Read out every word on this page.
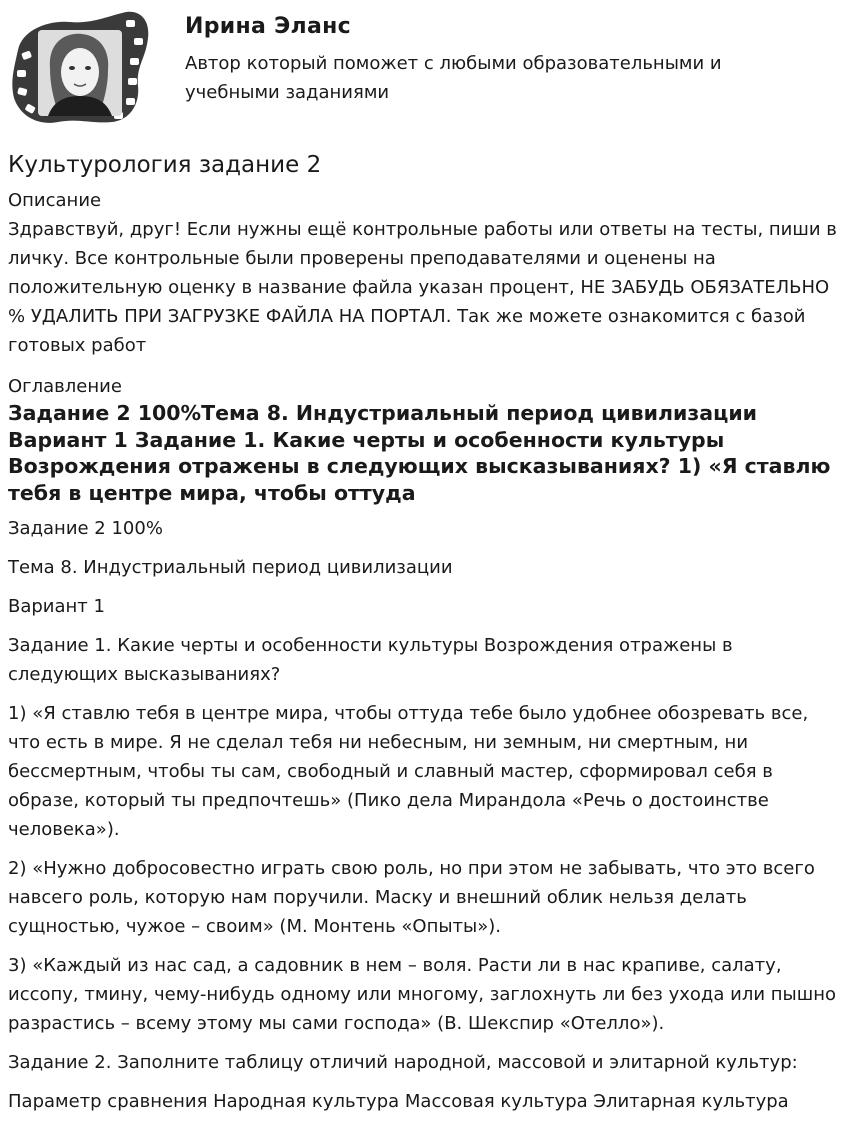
Ирина Эланс
Автор который поможет с любыми образовательными и учебными заданиями
Культурология задание 2
Описание

Здравствуй, друг! Если нужны ещё контрольные работы или ответы на тесты, пиши в личку. Все контрольные были проверены преподавателями и оценены на положительную оценку в название файла указан процент, НЕ ЗАБУДЬ ОБЯЗАТЕЛЬНО % УДАЛИТЬ ПРИ ЗАГРУЗКЕ ФАЙЛА НА ПОРТАЛ. Так же можете ознакомится с базой готовых работ

Оглавление
Задание 2 100%Тема 8. Индустриальный период цивилизации Вариант 1 Задание 1. Какие черты и особенности культуры Возрождения отражены в следующих высказываниях? 1) «Я ставлю тебя в центре мира, чтобы оттуда

Задание 2 100%

Тема 8. Индустриальный период цивилизации

Вариант 1

Задание 1. Какие черты и особенности культуры Возрождения отражены в следующих высказываниях?

1) «Я ставлю тебя в центре мира, чтобы оттуда тебе было удобнее обозревать все, что есть в мире. Я не сделал тебя ни небесным, ни земным, ни смертным, ни бессмертным, чтобы ты сам, свободный и славный мастер, сформировал себя в образе, который ты предпочтешь» (Пико дела Мирандола «Речь о достоинстве человека»).

2) «Нужно добросовестно играть свою роль, но при этом не забывать, что это всего навсего роль, которую нам поручили. Маску и внешний облик нельзя делать сущностью, чужое – своим» (М. Монтень «Опыты»).

3) «Каждый из нас сад, а садовник в нем – воля. Расти ли в нас крапиве, салату, иссопу, тмину, чему-нибудь одному или многому, заглохнуть ли без ухода или пышно разрастись – всему этому мы сами господа» (В. Шекспир «Отелло»).

Задание 2. Заполните таблицу отличий народной, массовой и элитарной культур:

Параметр сравнения Народная культура Массовая культура Элитарная культура
